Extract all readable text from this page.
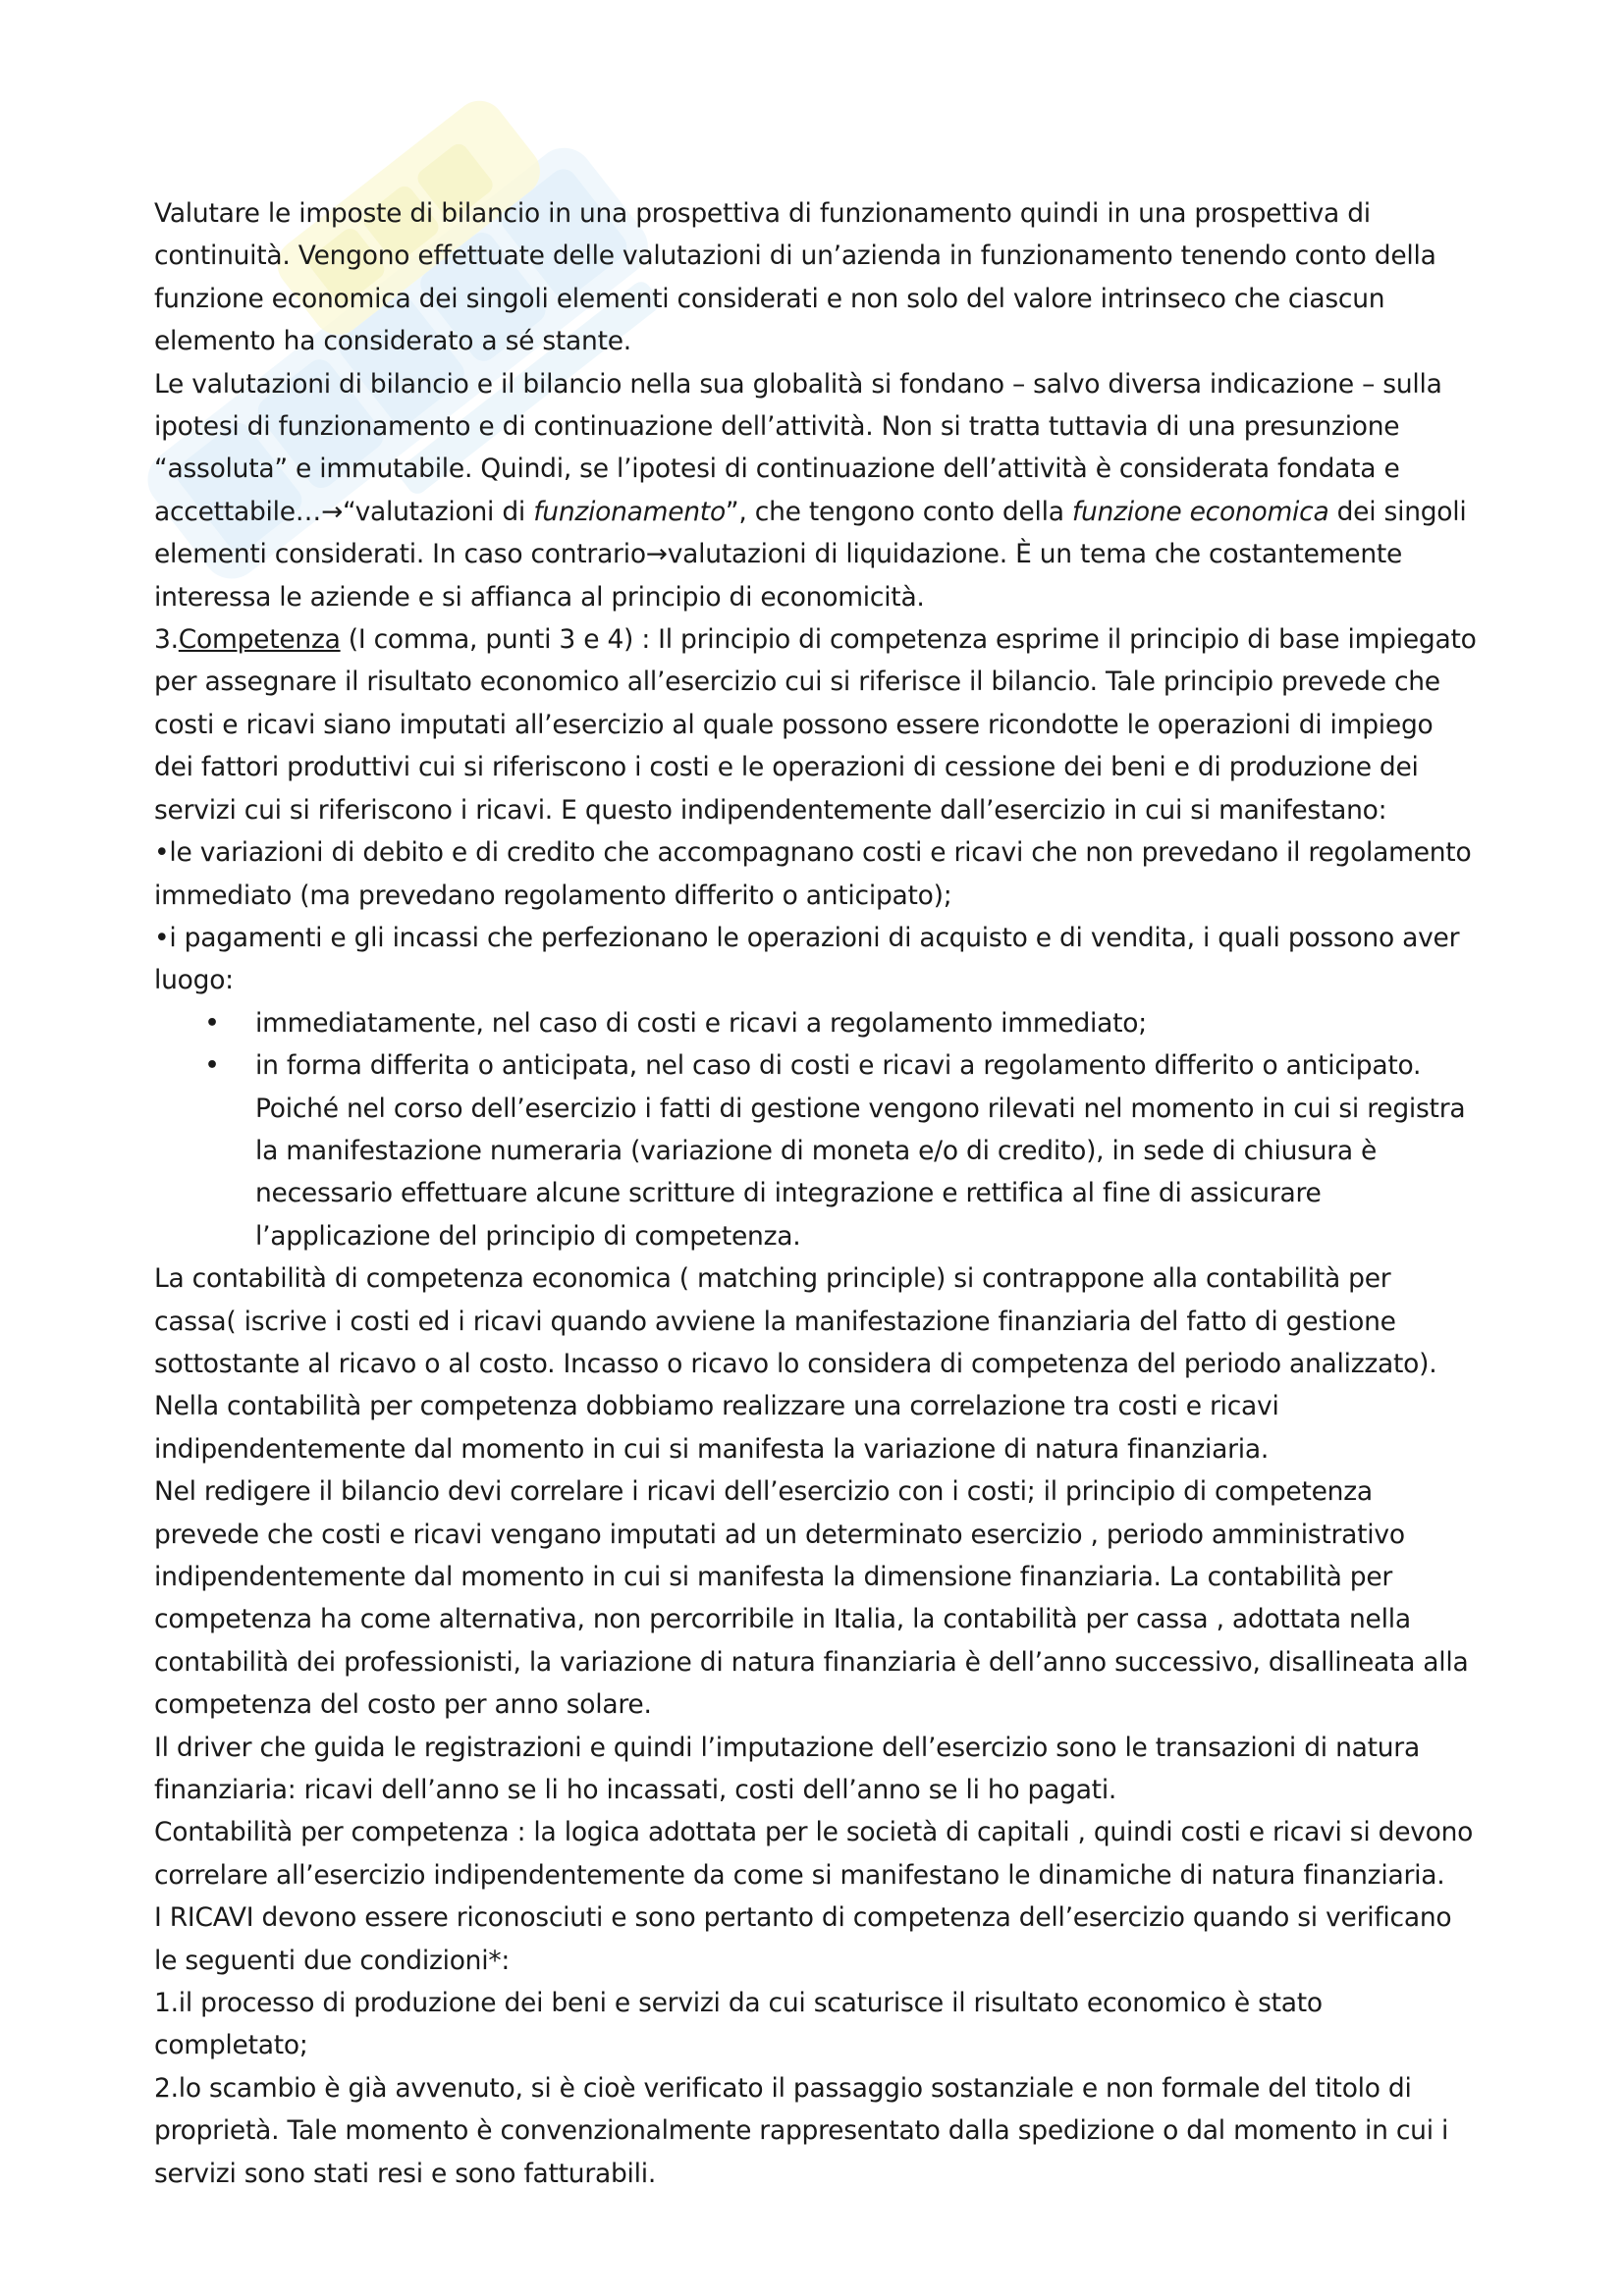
Valutare le imposte di bilancio in una prospettiva di funzionamento quindi in una prospettiva di continuità. Vengono effettuate delle valutazioni di un’azienda in funzionamento tenendo conto della funzione economica dei singoli elementi considerati e non solo del valore intrinseco che ciascun elemento ha considerato a sé stante.

Le valutazioni di bilancio e il bilancio nella sua globalità si fondano – salvo diversa indicazione – sulla ipotesi di funzionamento e di continuazione dell’attività. Non si tratta tuttavia di una presunzione “assoluta” e immutabile. Quindi, se l’ipotesi di continuazione dell’attività è considerata fondata e accettabile…→“valutazioni di funzionamento”, che tengono conto della funzione economica dei singoli elementi considerati. In caso contrario→valutazioni di liquidazione. È un tema che costantemente interessa le aziende e si affianca al principio di economicità.

3.Competenza (I comma, punti 3 e 4) : Il principio di competenza esprime il principio di base impiegato per assegnare il risultato economico all’esercizio cui si riferisce il bilancio. Tale principio prevede che costi e ricavi siano imputati all’esercizio al quale possono essere ricondotte le operazioni di impiego dei fattori produttivi cui si riferiscono i costi e le operazioni di cessione dei beni e di produzione dei servizi cui si riferiscono i ricavi. E questo indipendentemente dall’esercizio in cui si manifestano:

•le variazioni di debito e di credito che accompagnano costi e ricavi che non prevedano il regolamento immediato (ma prevedano regolamento differito o anticipato);

•i pagamenti e gli incassi che perfezionano le operazioni di acquisto e di vendita, i quali possono aver luogo:

• immediatamente, nel caso di costi e ricavi a regolamento immediato;
• in forma differita o anticipata, nel caso di costi e ricavi a regolamento differito o anticipato. Poiché nel corso dell’esercizio i fatti di gestione vengono rilevati nel momento in cui si registra la manifestazione numeraria (variazione di moneta e/o di credito), in sede di chiusura è necessario effettuare alcune scritture di integrazione e rettifica al fine di assicurare l’applicazione del principio di competenza.

La contabilità di competenza economica ( matching principle) si contrappone alla contabilità per cassa( iscrive i costi ed i ricavi quando avviene la manifestazione finanziaria del fatto di gestione sottostante al ricavo o al costo. Incasso o ricavo lo considera di competenza del periodo analizzato). Nella contabilità per competenza dobbiamo realizzare una correlazione tra costi e ricavi indipendentemente dal momento in cui si manifesta la variazione di natura finanziaria.

Nel redigere il bilancio devi correlare i ricavi dell’esercizio con i costi; il principio di competenza prevede che costi e ricavi vengano imputati ad un determinato esercizio , periodo amministrativo indipendentemente dal momento in cui si manifesta la dimensione finanziaria. La contabilità per competenza ha come alternativa, non percorribile in Italia, la contabilità per cassa , adottata nella contabilità dei professionisti, la variazione di natura finanziaria è dell’anno successivo, disallineata alla competenza del costo per anno solare.

Il driver che guida le registrazioni e quindi l’imputazione dell’esercizio sono le transazioni di natura finanziaria: ricavi dell’anno se li ho incassati, costi dell’anno se li ho pagati.

Contabilità per competenza : la logica adottata per le società di capitali , quindi costi e ricavi si devono correlare all’esercizio indipendentemente da come si manifestano le dinamiche di natura finanziaria.

I RICAVI devono essere riconosciuti e sono pertanto di competenza dell’esercizio quando si verificano le seguenti due condizioni*:

1.il processo di produzione dei beni e servizi da cui scaturisce il risultato economico è stato completato;

2.lo scambio è già avvenuto, si è cioè verificato il passaggio sostanziale e non formale del titolo di proprietà. Tale momento è convenzionalmente rappresentato dalla spedizione o dal momento in cui i servizi sono stati resi e sono fatturabili.
